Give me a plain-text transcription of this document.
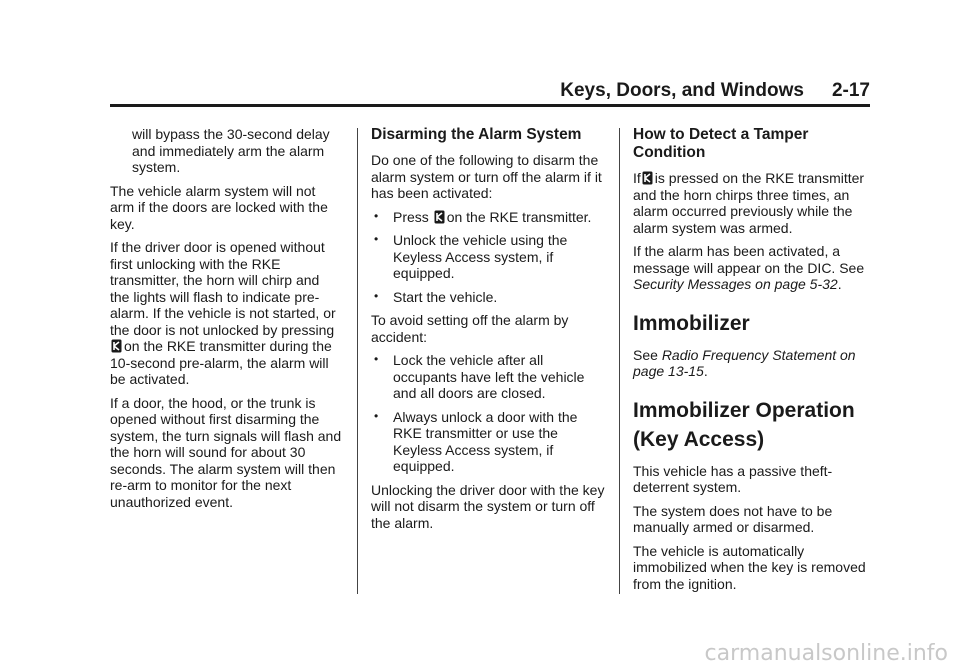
Keys, Doors, and Windows 2-17

will bypass the 30-second delay and immediately arm the alarm system.

The vehicle alarm system will not arm if the doors are locked with the key.

If the driver door is opened without first unlocking with the RKE transmitter, the horn will chirp and the lights will flash to indicate pre-alarm. If the vehicle is not started, or the door is not unlocked by pressing on the RKE transmitter during the 10-second pre-alarm, the alarm will be activated.

If a door, the hood, or the trunk is opened without first disarming the system, the turn signals will flash and the horn will sound for about 30 seconds. The alarm system will then re-arm to monitor for the next unauthorized event.

Disarming the Alarm System

Do one of the following to disarm the alarm system or turn off the alarm if it has been activated:

• Press on the RKE transmitter.
• Unlock the vehicle using the Keyless Access system, if equipped.
• Start the vehicle.

To avoid setting off the alarm by accident:

• Lock the vehicle after all occupants have left the vehicle and all doors are closed.
• Always unlock a door with the RKE transmitter or use the Keyless Access system, if equipped.

Unlocking the driver door with the key will not disarm the system or turn off the alarm.

How to Detect a Tamper Condition

If is pressed on the RKE transmitter and the horn chirps three times, an alarm occurred previously while the alarm system was armed.

If the alarm has been activated, a message will appear on the DIC. See Security Messages on page 5-32.

Immobilizer

See Radio Frequency Statement on page 13-15.

Immobilizer Operation (Key Access)

This vehicle has a passive theft-deterrent system.

The system does not have to be manually armed or disarmed.

The vehicle is automatically immobilized when the key is removed from the ignition.

carmanualsonline.info
